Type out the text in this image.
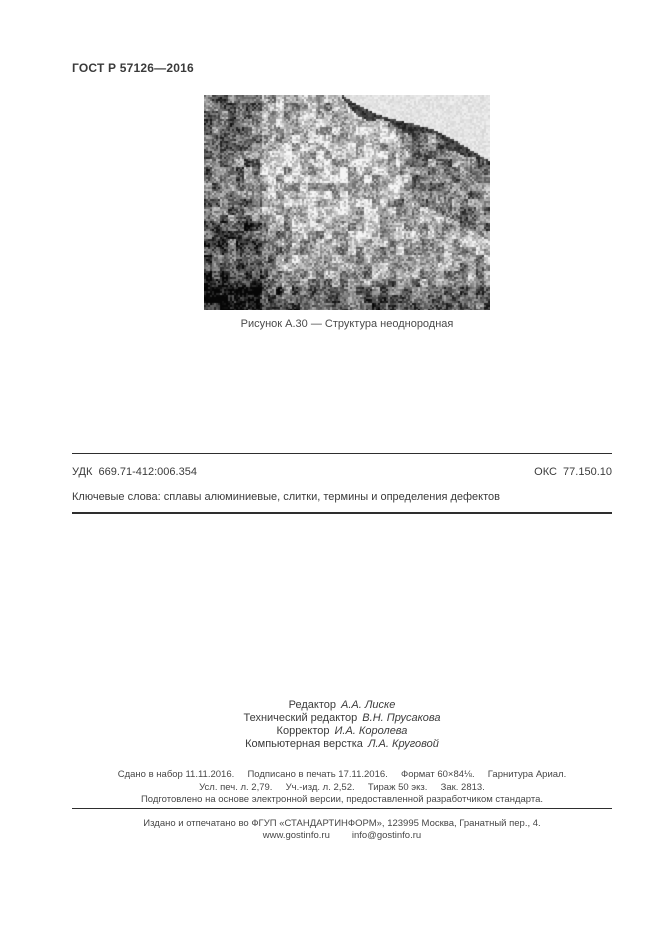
ГОСТ Р 57126—2016
Рисунок А.30 — Структура неоднородная
УДК  669.71-412:006.354	ОКС  77.150.10
Ключевые слова: сплавы алюминиевые, слитки, термины и определения дефектов
Редактор А.А. Лиске
Технический редактор В.Н. Прусакова
Корректор И.А. Королева
Компьютерная верстка Л.А. Круговой
Сдано в набор 11.11.2016.     Подписано в печать 17.11.2016.     Формат 60×84⅛.     Гарнитура Ариал.
Усл. печ. л. 2,79.     Уч.-изд. л. 2,52.     Тираж 50 экз.     Зак. 2813.
Подготовлено на основе электронной версии, предоставленной разработчиком стандарта.
Издано и отпечатано во ФГУП «СТАНДАРТИНФОРМ», 123995 Москва, Гранатный пер., 4.
www.gostinfo.ru info@gostinfo.ru
